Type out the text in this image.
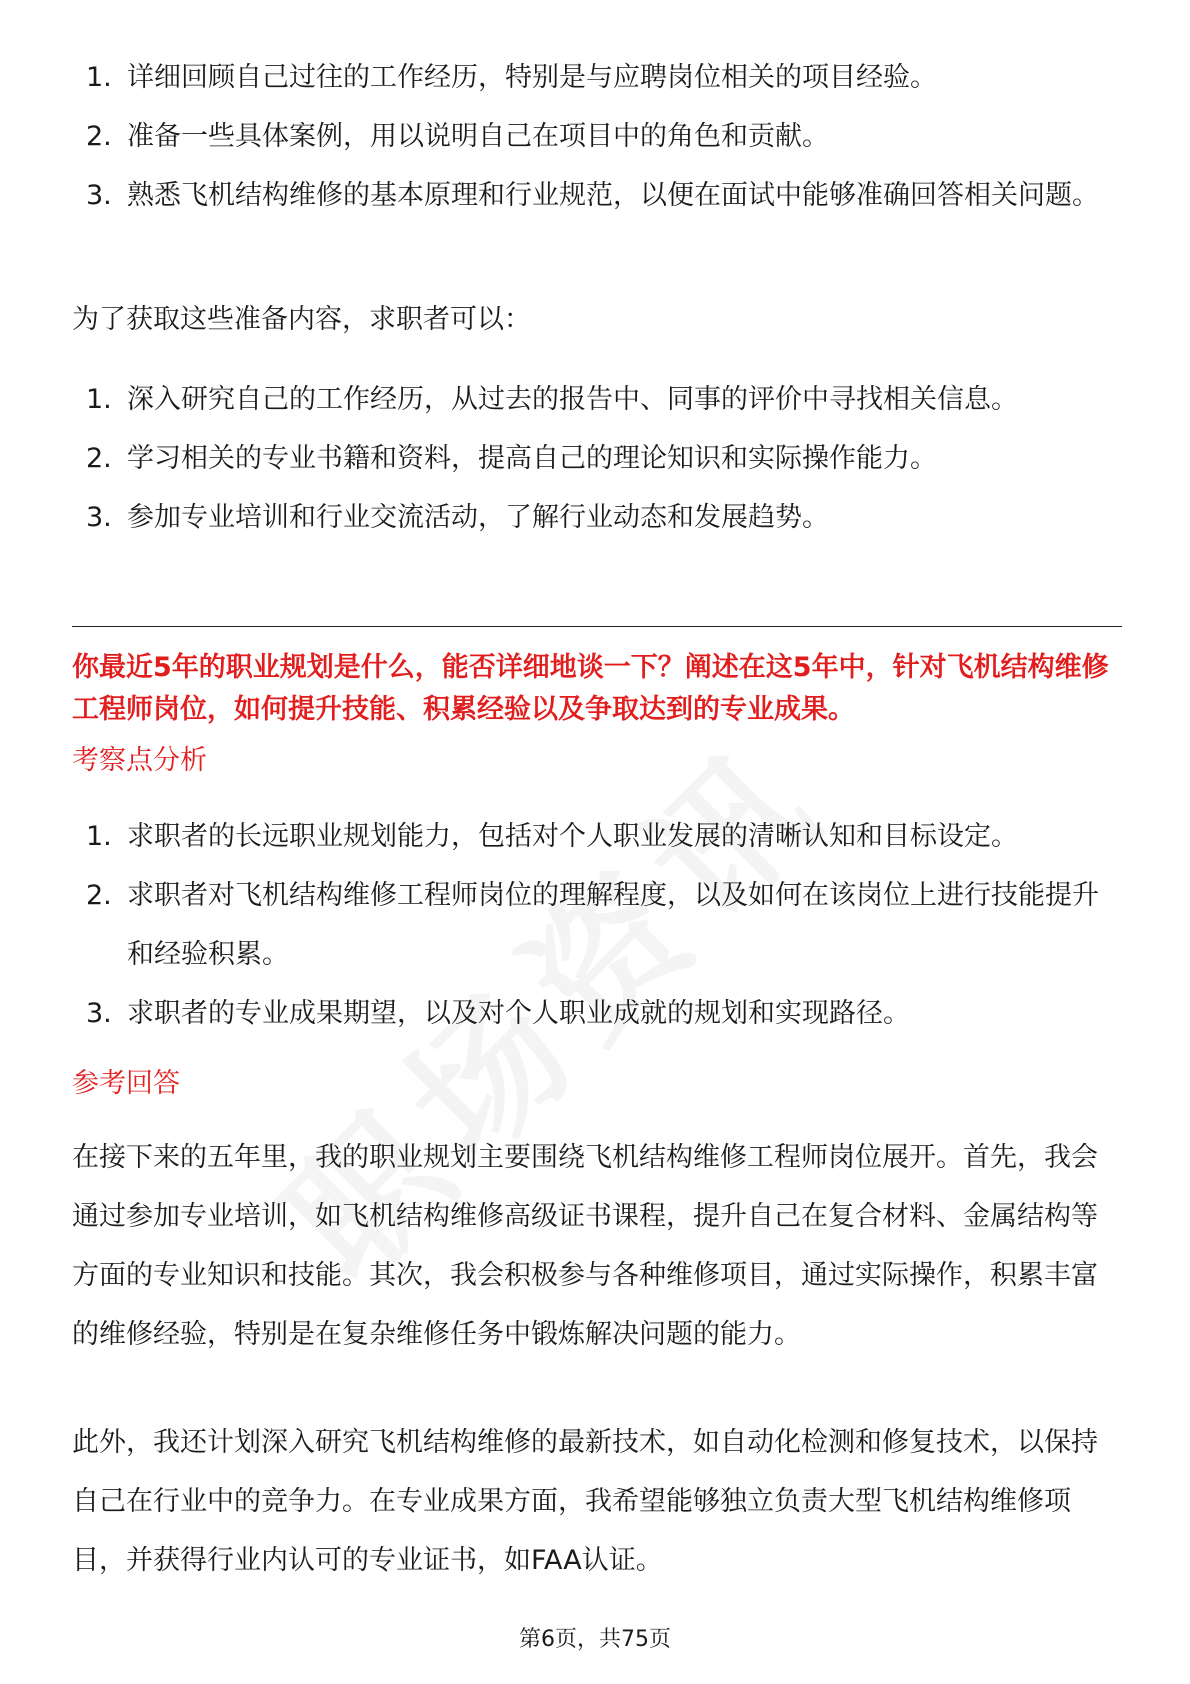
1. 详细回顾自己过往的工作经历，特别是与应聘岗位相关的项目经验。
2. 准备一些具体案例，用以说明自己在项目中的角色和贡献。
3. 熟悉飞机结构维修的基本原理和行业规范，以便在面试中能够准确回答相关问题。

为了获取这些准备内容，求职者可以：

1. 深入研究自己的工作经历，从过去的报告中、同事的评价中寻找相关信息。
2. 学习相关的专业书籍和资料，提高自己的理论知识和实际操作能力。
3. 参加专业培训和行业交流活动，了解行业动态和发展趋势。

你最近5年的职业规划是什么，能否详细地谈一下？阐述在这5年中，针对飞机结构维修工程师岗位，如何提升技能、积累经验以及争取达到的专业成果。

考察点分析

1. 求职者的长远职业规划能力，包括对个人职业发展的清晰认知和目标设定。
2. 求职者对飞机结构维修工程师岗位的理解程度，以及如何在该岗位上进行技能提升和经验积累。
3. 求职者的专业成果期望，以及对个人职业成就的规划和实现路径。

参考回答

在接下来的五年里，我的职业规划主要围绕飞机结构维修工程师岗位展开。首先，我会通过参加专业培训，如飞机结构维修高级证书课程，提升自己在复合材料、金属结构等方面的专业知识和技能。其次，我会积极参与各种维修项目，通过实际操作，积累丰富的维修经验，特别是在复杂维修任务中锻炼解决问题的能力。

此外，我还计划深入研究飞机结构维修的最新技术，如自动化检测和修复技术，以保持自己在行业中的竞争力。在专业成果方面，我希望能够独立负责大型飞机结构维修项目，并获得行业内认可的专业证书，如FAA认证。

第6页，共75页
